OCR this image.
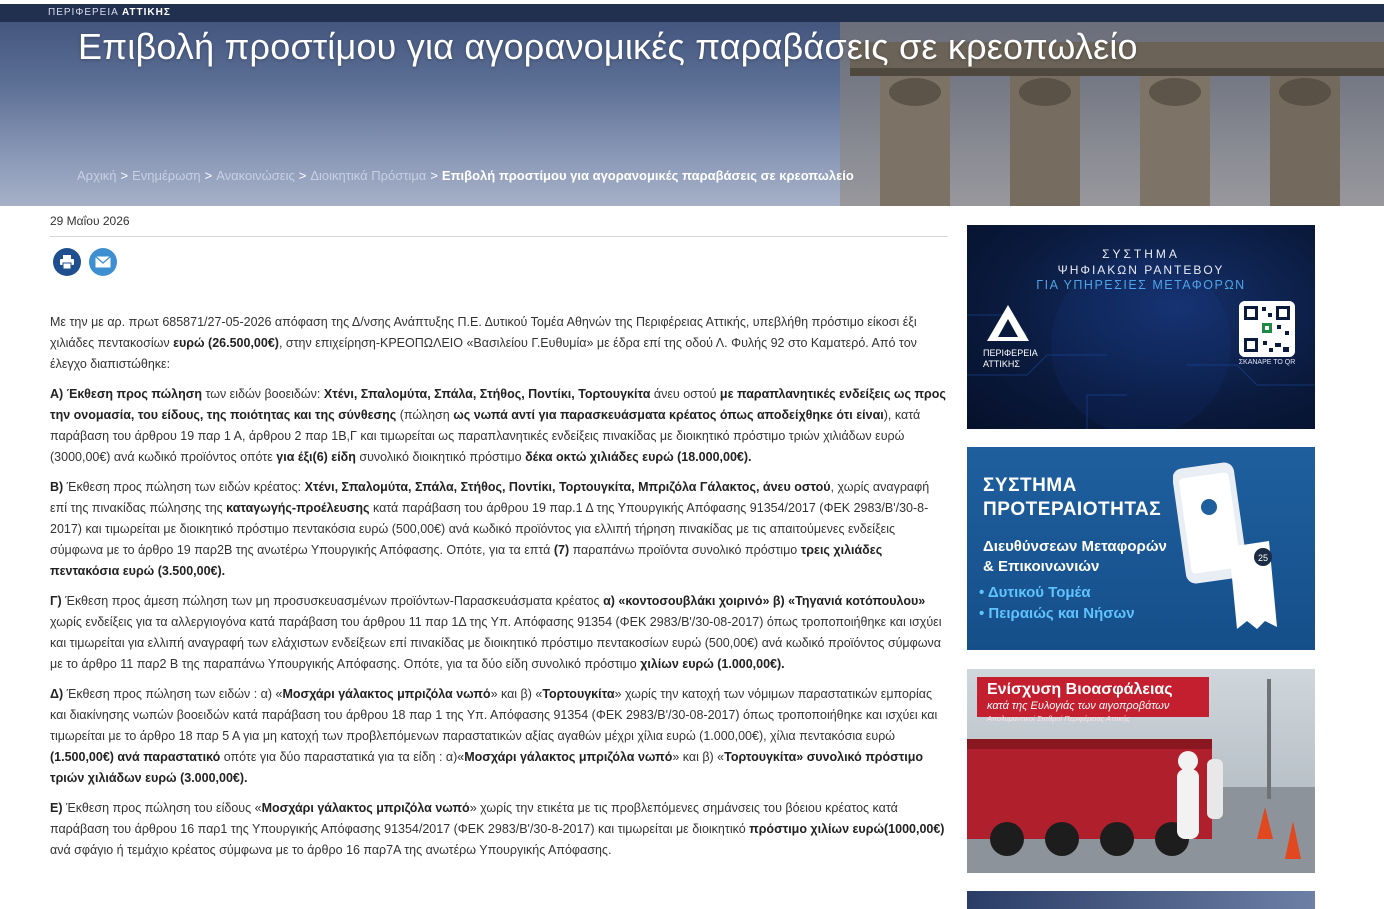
ΠΕΡΙΦΕΡΕΙΑ ΑΤΤΙΚΗΣ
Επιβολή προστίμου για αγορανομικές παραβάσεις σε κρεοπωλείο
Αρχική > Ενημέρωση > Ανακοινώσεις > Διοικητικά Πρόστιμα > Επιβολή προστίμου για αγορανομικές παραβάσεις σε κρεοπωλείο
29 Μαΐου 2026

Με την με αρ. πρωτ 685871/27-05-2026 απόφαση της Δ/νσης Ανάπτυξης Π.Ε. Δυτικού Τομέα Αθηνών της Περιφέρειας Αττικής, υπεβλήθη πρόστιμο είκοσι έξι χιλιάδες πεντακοσίων ευρώ (26.500,00€), στην επιχείρηση-ΚΡΕΟΠΩΛΕΙΟ «Βασιλείου Γ.Ευθυμία» με έδρα επί της οδού Λ. Φυλής 92 στο Καματερό. Από τον έλεγχο διαπιστώθηκε:

Α) Έκθεση προς πώληση των ειδών βοοειδών: Χτένι, Σπαλομύτα, Σπάλα, Στήθος, Ποντίκι, Τορτουγκίτα άνευ οστού με παραπλανητικές ενδείξεις ως προς την ονομασία, του είδους, της ποιότητας και της σύνθεσης (πώληση ως νωπά αντί για παρασκευάσματα κρέατος όπως αποδείχθηκε ότι είναι), κατά παράβαση του άρθρου 19 παρ 1 Α, άρθρου 2 παρ 1Β,Γ και τιμωρείται ως παραπλανητικές ενδείξεις πινακίδας με διοικητικό πρόστιμο τριών χιλιάδων ευρώ (3000,00€) ανά κωδικό προϊόντος οπότε για έξι(6) είδη συνολικό διοικητικό πρόστιμο δέκα οκτώ χιλιάδες ευρώ (18.000,00€).

Β) Έκθεση προς πώληση των ειδών κρέατος: Χτένι, Σπαλομύτα, Σπάλα, Στήθος, Ποντίκι, Τορτουγκίτα, Μπριζόλα Γάλακτος, άνευ οστού, χωρίς αναγραφή επί της πινακίδας πώλησης της καταγωγής-προέλευσης κατά παράβαση του άρθρου 19 παρ.1 Δ της Υπουργικής Απόφασης 91354/2017 (ΦΕΚ 2983/Β'/30-8-2017) και τιμωρείται με διοικητικό πρόστιμο πεντακόσια ευρώ (500,00€) ανά κωδικό προϊόντος για ελλιπή τήρηση πινακίδας με τις απαιτούμενες ενδείξεις σύμφωνα με το άρθρο 19 παρ2Β της ανωτέρω Υπουργικής Απόφασης. Οπότε, για τα επτά (7) παραπάνω προϊόντα συνολικό πρόστιμο τρεις χιλιάδες πεντακόσια ευρώ (3.500,00€).

Γ) Έκθεση προς άμεση πώληση των μη προσυσκευασμένων προϊόντων-Παρασκευάσματα κρέατος α) «κοντοσουβλάκι χοιρινό» β) «Τηγανιά κοτόπουλου» χωρίς ενδείξεις για τα αλλεργιογόνα κατά παράβαση του άρθρου 11 παρ 1Δ της Υπ. Απόφασης 91354 (ΦΕΚ 2983/Β'/30-08-2017) όπως τροποποιήθηκε και ισχύει και τιμωρείται για ελλιπή αναγραφή των ελάχιστων ενδείξεων επί πινακίδας με διοικητικό πρόστιμο πεντακοσίων ευρώ (500,00€) ανά κωδικό προϊόντος σύμφωνα με το άρθρο 11 παρ2 Β της παραπάνω Υπουργικής Απόφασης. Οπότε, για τα δύο είδη συνολικό πρόστιμο χιλίων ευρώ (1.000,00€).

Δ) Έκθεση προς πώληση των ειδών : α) «Μοσχάρι γάλακτος μπριζόλα νωπό» και β) «Τορτουγκίτα» χωρίς την κατοχή των νόμιμων παραστατικών εμπορίας και διακίνησης νωπών βοοειδών κατά παράβαση του άρθρου 18 παρ 1 της Υπ. Απόφασης 91354 (ΦΕΚ 2983/Β'/30-08-2017) όπως τροποποιήθηκε και ισχύει και τιμωρείται με το άρθρο 18 παρ 5 Α για μη κατοχή των προβλεπόμενων παραστατικών αξίας αγαθών μέχρι χίλια ευρώ (1.000,00€), χίλια πεντακόσια ευρώ (1.500,00€) ανά παραστατικό οπότε για δύο παραστατικά για τα είδη : α)«Μοσχάρι γάλακτος μπριζόλα νωπό» και β) «Τορτουγκίτα» συνολικό πρόστιμο τριών χιλιάδων ευρώ (3.000,00€).

Ε) Έκθεση προς πώληση του είδους «Μοσχάρι γάλακτος μπριζόλα νωπό» χωρίς την ετικέτα με τις προβλεπόμενες σημάνσεις του βόειου κρέατος κατά παράβαση του άρθρου 16 παρ1 της Υπουργικής Απόφασης 91354/2017 (ΦΕΚ 2983/Β'/30-8-2017) και τιμωρείται με διοικητικό πρόστιμο χιλίων ευρώ(1000,00€) ανά σφάγιο ή τεμάχιο κρέατος σύμφωνα με το άρθρο 16 παρ7Α της ανωτέρω Υπουργικής Απόφασης.

ΣΥΣΤΗΜΑ
ΨΗΦΙΑΚΩΝ ΡΑΝΤΕΒΟΥ
ΓΙΑ ΥΠΗΡΕΣΙΕΣ ΜΕΤΑΦΟΡΩΝ
ΠΕΡΙΦΕΡΕΙΑ
ΑΤΤΙΚΗΣ	ΣΚΑΝΑΡΕ ΤΟ QR
ΣΥΣΤΗΜΑ
ΠΡΟΤΕΡΑΙΟΤΗΤΑΣ
Διευθύνσεων Μεταφορών
& Επικοινωνιών
• Δυτικού Τομέα
• Πειραιώς και Νήσων
25
Ενίσχυση Βιοασφάλειας
κατά της Ευλογιάς των αιγοπροβάτων
Απολυμαντικοί Σταθμοί Περιφέρειας Αττικής
